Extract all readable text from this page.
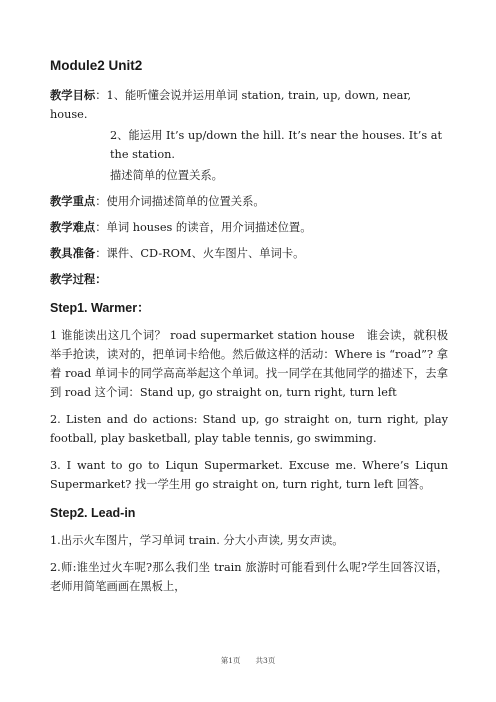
Module2 Unit2
教学目标：1、能听懂会说并运用单词 station, train, up, down, near, house.
2、能运用 It’s up/down the hill. It’s near the houses. It’s at the station.
描述简单的位置关系。
教学重点：使用介词描述简单的位置关系。
教学难点：单词 houses 的读音，用介词描述位置。
教具准备：课件、CD-ROM、火车图片、单词卡。
教学过程：
Step1. Warmer：
1 谁能读出这几个词？ road supermarket station house　谁会读，就积极举手抢读，读对的，把单词卡给他。然后做这样的活动：Where is “road”? 拿着 road 单词卡的同学高高举起这个单词。找一同学在其他同学的描述下，去拿到 road 这个词：Stand up, go straight on, turn right, turn left
2. Listen and do actions: Stand up, go straight on, turn right, play football, play basketball, play table tennis, go swimming.
3. I want to go to Liqun Supermarket. Excuse me. Where’s Liqun Supermarket? 找一学生用 go straight on, turn right, turn left 回答。
Step2. Lead-in
1.出示火车图片，学习单词 train. 分大小声读, 男女声读。
2.师:谁坐过火车呢?那么我们坐 train 旅游时可能看到什么呢?学生回答汉语，老师用简笔画画在黑板上，
第1页　　共3页
